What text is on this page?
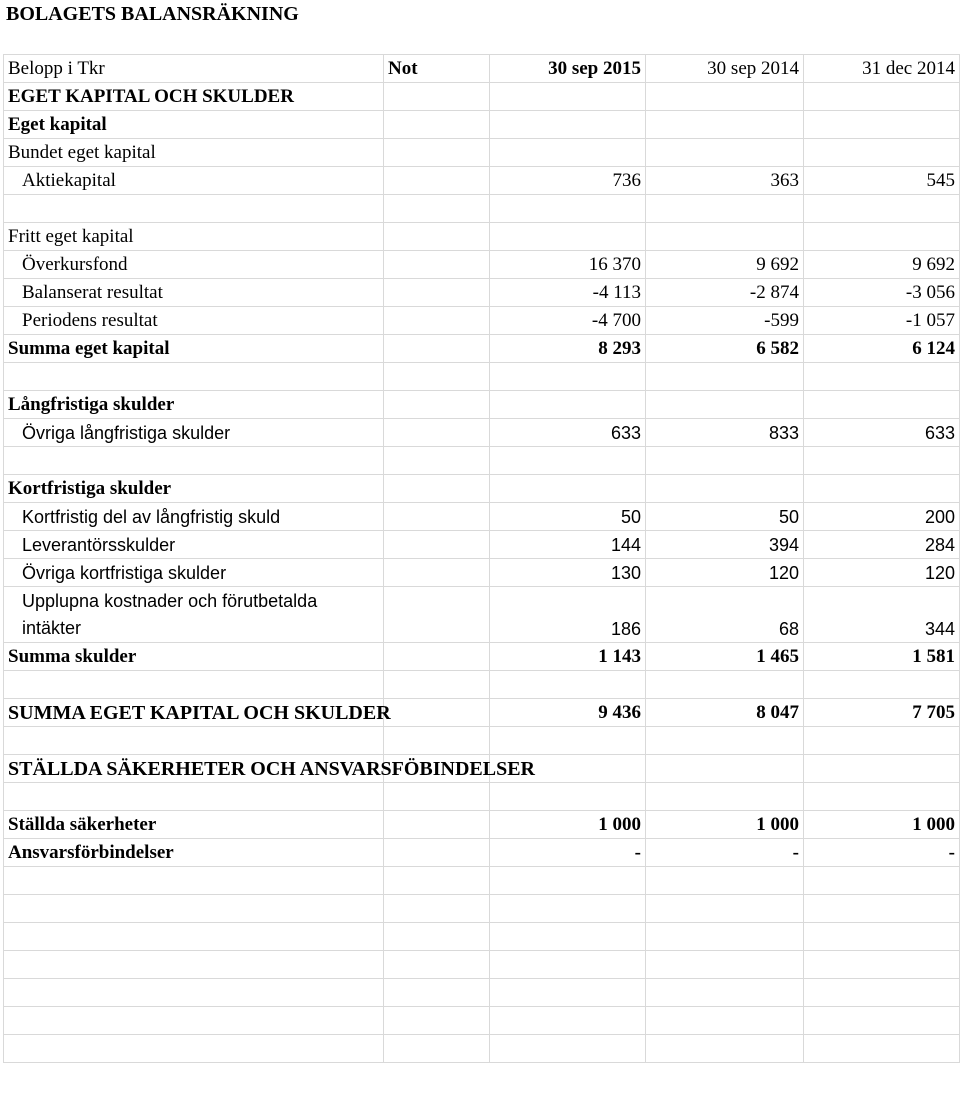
BOLAGETS BALANSRÄKNING
Belopp i Tkr	Not	30 sep 2015	30 sep 2014	31 dec 2014
EGET KAPITAL OCH SKULDER				
Eget kapital				
Bundet eget kapital				
Aktiekapital		736	363	545

Fritt eget kapital				
Överkursfond		16 370	9 692	9 692
Balanserat resultat		-4 113	-2 874	-3 056
Periodens resultat		-4 700	-599	-1 057
Summa eget kapital		8 293	6 582	6 124

Långfristiga skulder				
Övriga långfristiga skulder		633	833	633

Kortfristiga skulder				
Kortfristig del av långfristig skuld		50	50	200
Leverantörsskulder		144	394	284
Övriga kortfristiga skulder		130	120	120
Upplupna kostnader och förutbetalda intäkter		186	68	344
Summa skulder		1 143	1 465	1 581

SUMMA EGET KAPITAL OCH SKULDER		9 436	8 047	7 705

STÄLLDA SÄKERHETER OCH ANSVARSFÖBINDELSER				

Ställda säkerheter		1 000	1 000	1 000
Ansvarsförbindelser		-	-	-
